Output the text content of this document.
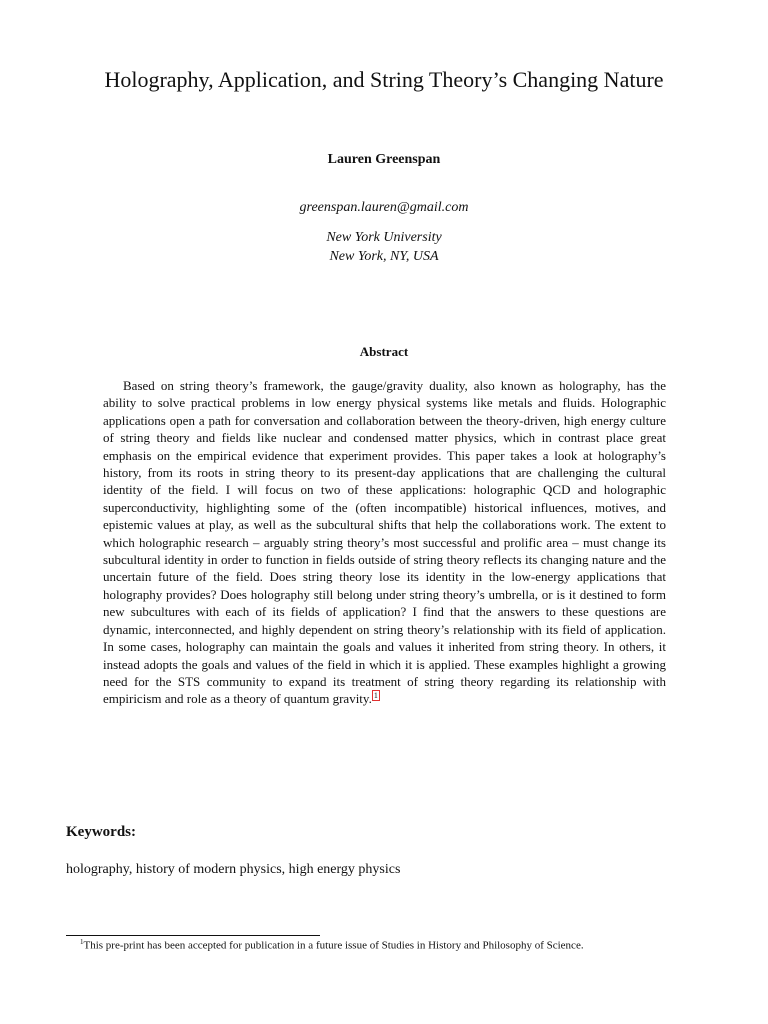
Holography, Application, and String Theory’s Changing Nature
Lauren Greenspan
greenspan.lauren@gmail.com
New York University
New York, NY, USA
Abstract

Based on string theory’s framework, the gauge/gravity duality, also known as holography, has the ability to solve practical problems in low energy physical systems like metals and fluids. Holographic applications open a path for conversation and collaboration between the theory-driven, high energy culture of string theory and fields like nuclear and condensed matter physics, which in contrast place great emphasis on the empirical evidence that experiment provides. This paper takes a look at holography’s history, from its roots in string theory to its present-day applications that are challenging the cultural identity of the field. I will focus on two of these applications: holographic QCD and holographic superconductivity, highlighting some of the (often incompatible) historical influences, motives, and epistemic values at play, as well as the subcultural shifts that help the collaborations work. The extent to which holographic research – arguably string theory’s most successful and prolific area – must change its subcultural identity in order to function in fields outside of string theory reflects its changing nature and the uncertain future of the field. Does string theory lose its identity in the low-energy applications that holography provides? Does holography still belong under string theory’s umbrella, or is it destined to form new subcultures with each of its fields of application? I find that the answers to these questions are dynamic, interconnected, and highly dependent on string theory’s relationship with its field of application. In some cases, holography can maintain the goals and values it inherited from string theory. In others, it instead adopts the goals and values of the field in which it is applied. These examples highlight a growing need for the STS community to expand its treatment of string theory regarding its relationship with empiricism and role as a theory of quantum gravity. $^1$

Keywords:
holography, history of modern physics, high energy physics
$^1$This pre-print has been accepted for publication in a future issue of Studies in History and Philosophy of Science.
